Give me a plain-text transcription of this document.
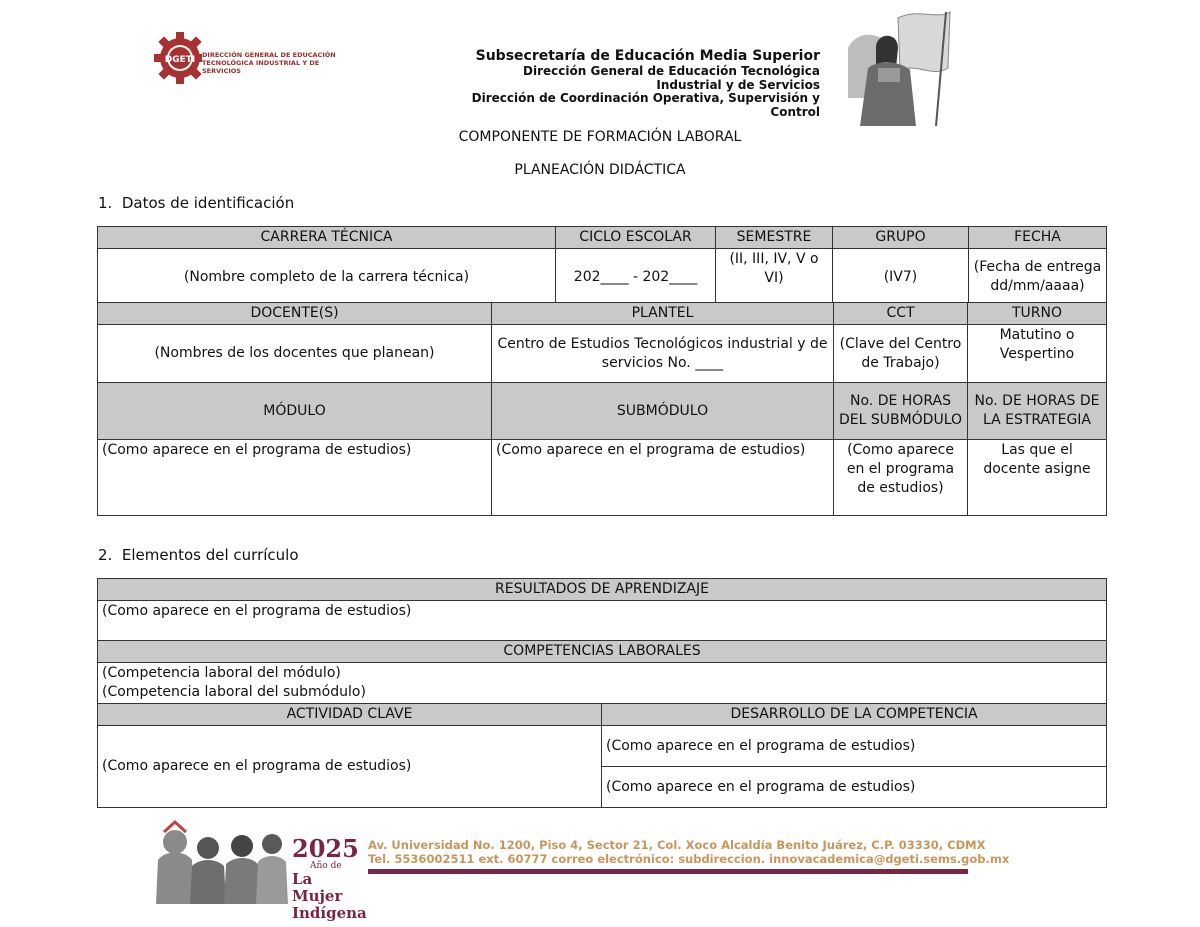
DGETI DIRECCIÓN GENERAL DE EDUCACIÓN
TECNOLÓGICA INDUSTRIAL Y DE SERVICIOS
Subsecretaría de Educación Media Superior
Dirección General de Educación Tecnológica
Industrial y de Servicios
Dirección de Coordinación Operativa, Supervisión y
Control
COMPONENTE DE FORMACIÓN LABORAL
PLANEACIÓN DIDÁCTICA
1. Datos de identificación
CARRERA TÉCNICA	CICLO ESCOLAR	SEMESTRE	GRUPO	FECHA
(Nombre completo de la carrera técnica)	202____ - 202____	(II, III, IV, V o VI)	(IV7)	(Fecha de entrega dd/mm/aaaa)
DOCENTE(S)	PLANTEL	CCT	TURNO
(Nombres de los docentes que planean)	Centro de Estudios Tecnológicos industrial y de servicios No. ____	(Clave del Centro de Trabajo)	Matutino o Vespertino
MÓDULO	SUBMÓDULO	No. DE HORAS DEL SUBMÓDULO	No. DE HORAS DE LA ESTRATEGIA
(Como aparece en el programa de estudios)	(Como aparece en el programa de estudios)	(Como aparece en el programa de estudios)	Las que el docente asigne
2. Elementos del currículo
RESULTADOS DE APRENDIZAJE	
(Como aparece en el programa de estudios)	
COMPETENCIAS LABORALES	

(Competencia laboral del módulo)
(Competencia laboral del submódulo)	

ACTIVIDAD CLAVE	DESARROLLO DE LA COMPETENCIA
(Como aparece en el programa de estudios)	(Como aparece en el programa de estudios)
	(Como aparece en el programa de estudios)
2025
Año de
La Mujer
Indígena
Av. Universidad No. 1200, Piso 4, Sector 21, Col. Xoco Alcaldía Benito Juárez, C.P. 03330, CDMX
Tel. 5536002511 ext. 60777 correo electrónico: subdireccion. innovacademica@dgeti.sems.gob.mx
